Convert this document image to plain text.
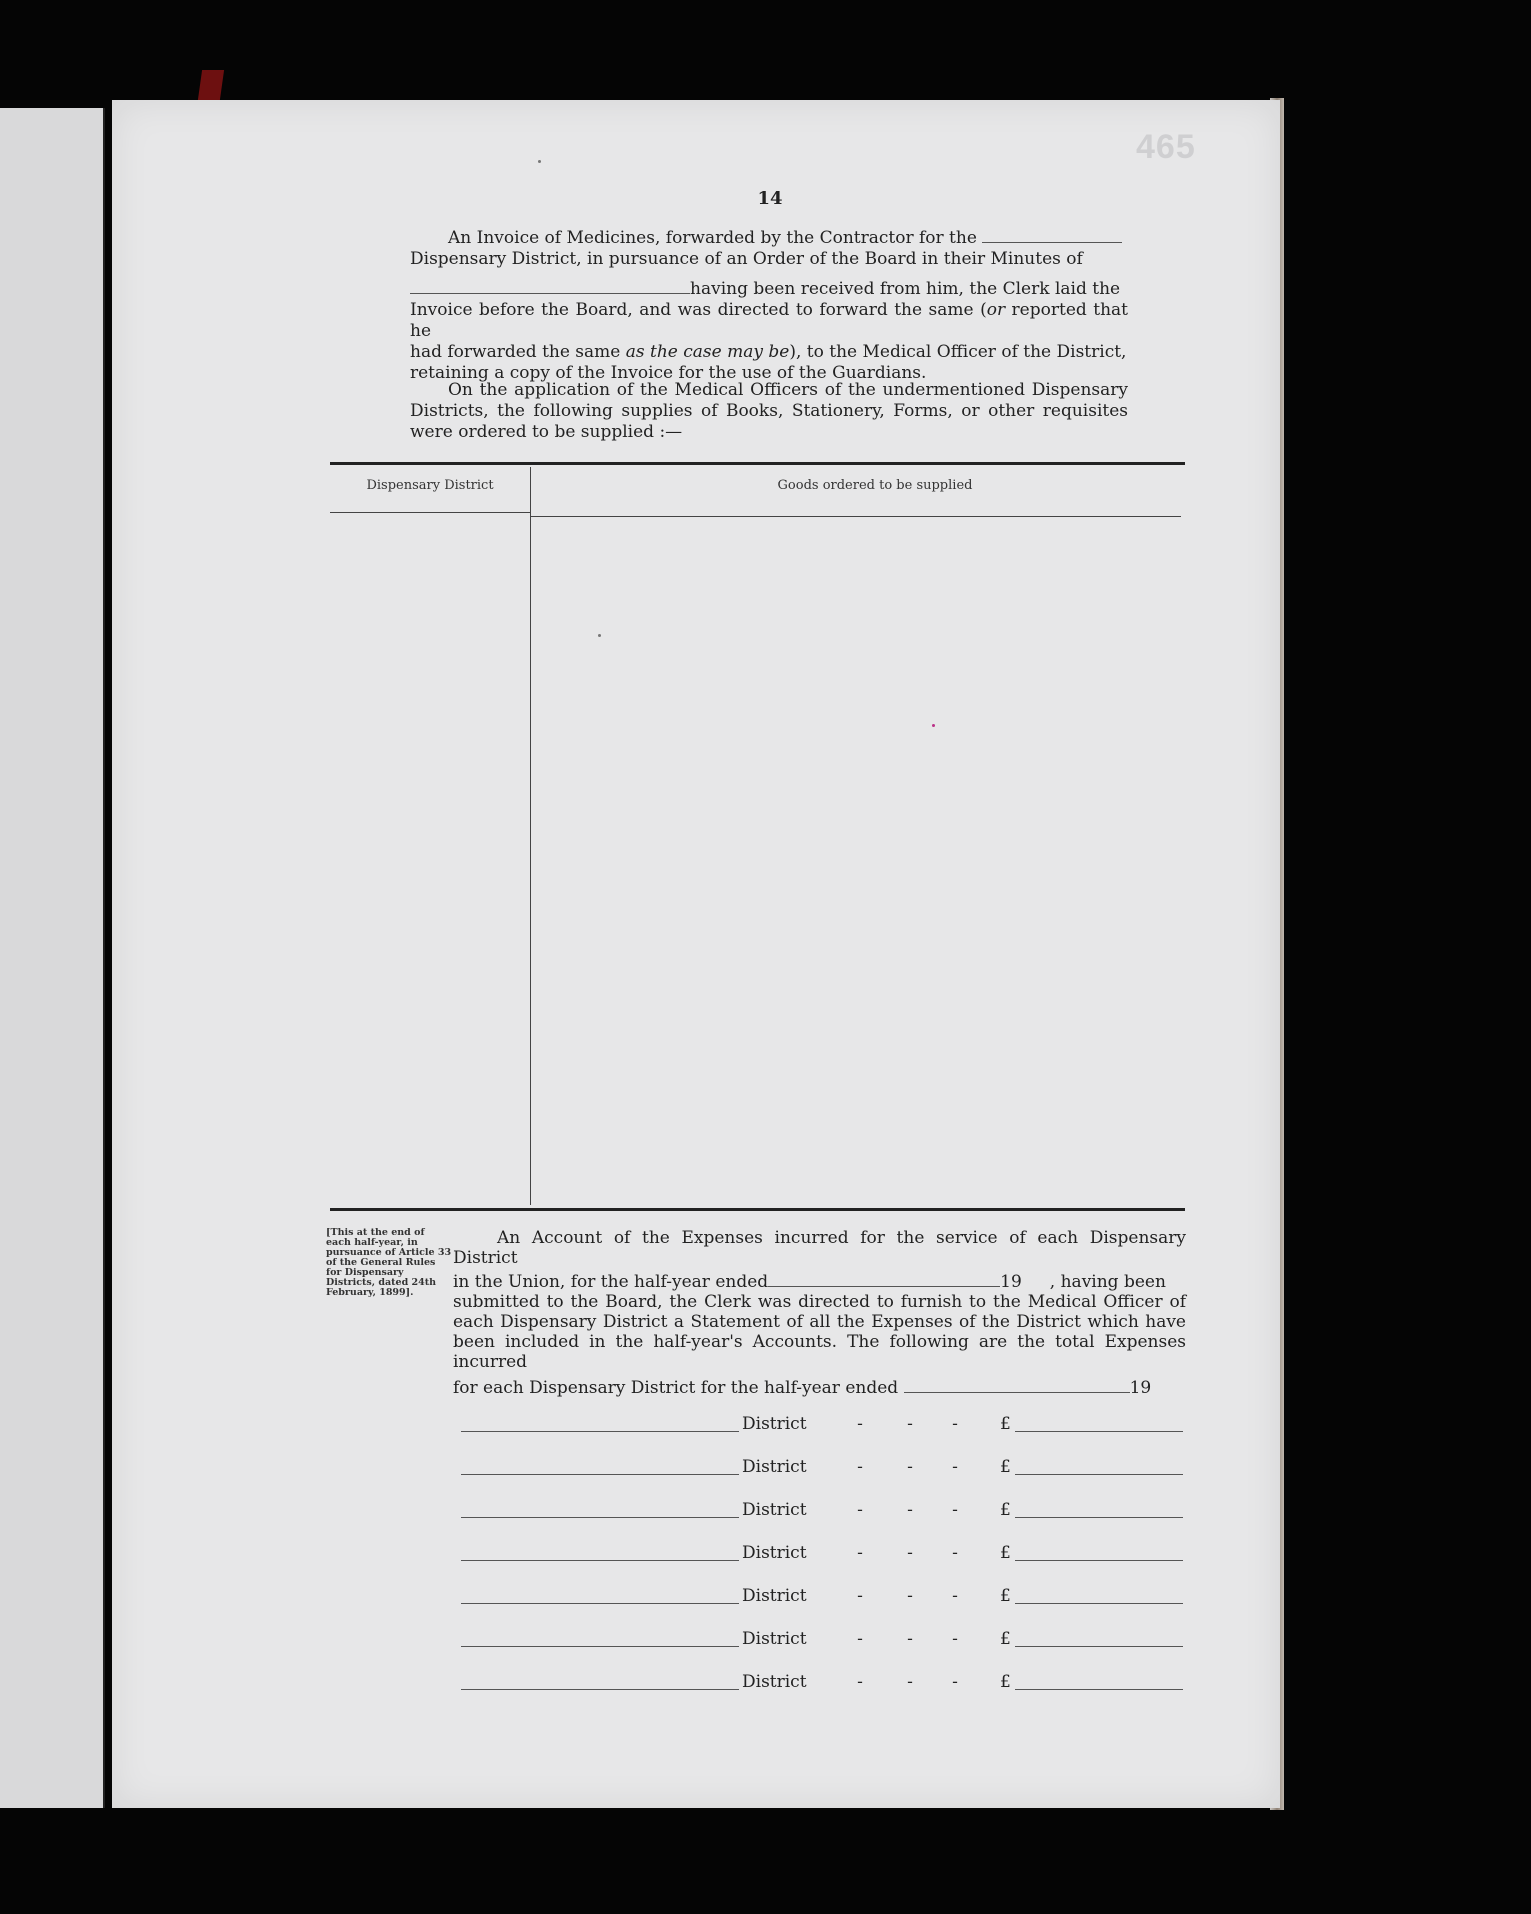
465
14
An Invoice of Medicines, forwarded by the Contractor for the
Dispensary District, in pursuance of an Order of the Board in their Minutes of
having been received from him, the Clerk laid the
Invoice before the Board, and was directed to forward the same (or reported that he
had forwarded the same as the case may be), to the Medical Officer of the District,
retaining a copy of the Invoice for the use of the Guardians.
On the application of the Medical Officers of the undermentioned Dispensary Districts, the following supplies of Books, Stationery, Forms, or other requisites were ordered to be supplied :—
Dispensary District	Goods ordered to be supplied
[This at the end of each half-year, in pursuance of Article 33 of the General Rules for Dispensary Districts, dated 24th February, 1899].
An Account of the Expenses incurred for the service of each Dispensary District
in the Union, for the half-year ended	19 , having been
submitted to the Board, the Clerk was directed to furnish to the Medical Officer of each Dispensary District a Statement of all the Expenses of the District which have been included in the half-year's Accounts. The following are the total Expenses incurred
for each Dispensary District for the half-year ended	19
District	-	-	-	£
District	-	-	-	£
District	-	-	-	£
District	-	-	-	£
District	-	-	-	£
District	-	-	-	£
District	-	-	-	£
